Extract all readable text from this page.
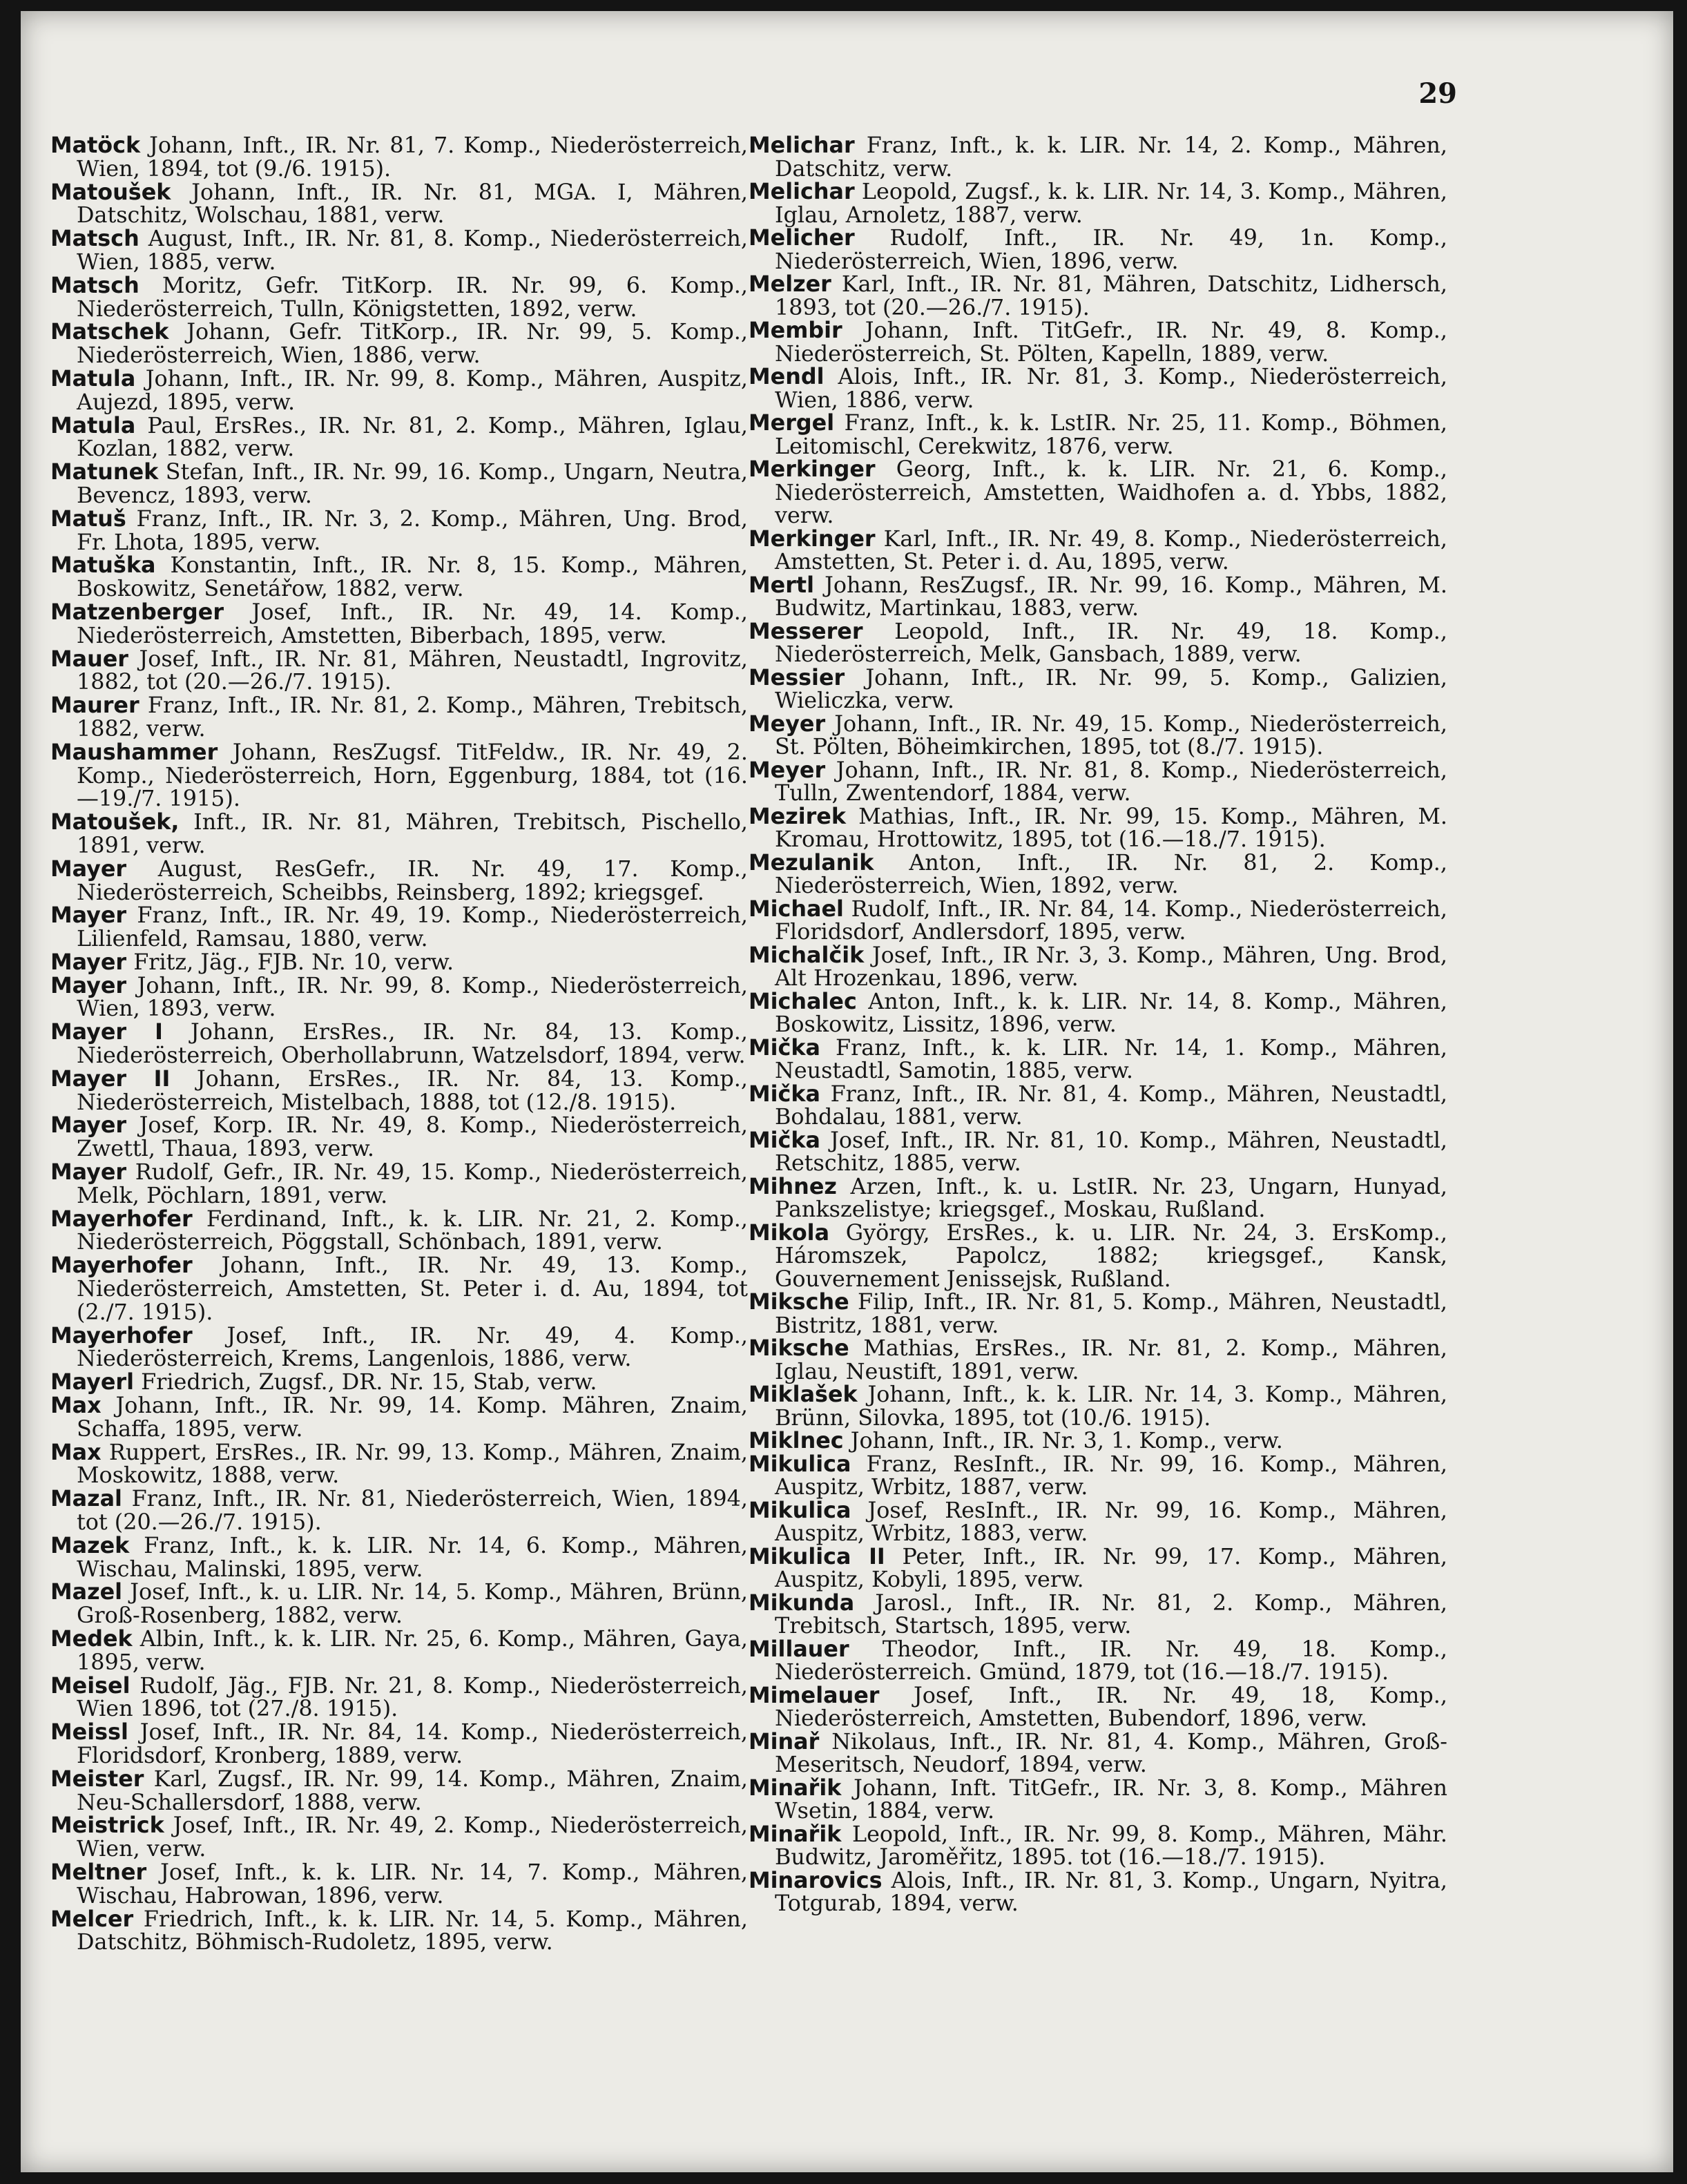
29
Matöck Johann, Inft., IR. Nr. 81, 7. Komp., Niederösterreich, Wien, 1894, tot (9./6. 1915).
Matoušek Johann, Inft., IR. Nr. 81, MGA. I, Mähren, Datschitz, Wolschau, 1881, verw.
Matsch August, Inft., IR. Nr. 81, 8. Komp., Niederösterreich, Wien, 1885, verw.
Matsch Moritz, Gefr. TitKorp. IR. Nr. 99, 6. Komp., Niederösterreich, Tulln, Königstetten, 1892, verw.
Matschek Johann, Gefr. TitKorp., IR. Nr. 99, 5. Komp., Niederösterreich, Wien, 1886, verw.
Matula Johann, Inft., IR. Nr. 99, 8. Komp., Mähren, Auspitz, Aujezd, 1895, verw.
Matula Paul, ErsRes., IR. Nr. 81, 2. Komp., Mähren, Iglau, Kozlan, 1882, verw.
Matunek Stefan, Inft., IR. Nr. 99, 16. Komp., Ungarn, Neutra, Bevencz, 1893, verw.
Matuš Franz, Inft., IR. Nr. 3, 2. Komp., Mähren, Ung. Brod, Fr. Lhota, 1895, verw.
Matuška Konstantin, Inft., IR. Nr. 8, 15. Komp., Mähren, Boskowitz, Senetářow, 1882, verw.
Matzenberger Josef, Inft., IR. Nr. 49, 14. Komp., Niederösterreich, Amstetten, Biberbach, 1895, verw.
Mauer Josef, Inft., IR. Nr. 81, Mähren, Neustadtl, Ingrovitz, 1882, tot (20.—26./7. 1915).
Maurer Franz, Inft., IR. Nr. 81, 2. Komp., Mähren, Trebitsch, 1882, verw.
Maushammer Johann, ResZugsf. TitFeldw., IR. Nr. 49, 2. Komp., Niederösterreich, Horn, Eggenburg, 1884, tot (16.—19./7. 1915).
Matoušek, Inft., IR. Nr. 81, Mähren, Trebitsch, Pischello, 1891, verw.
Mayer August, ResGefr., IR. Nr. 49, 17. Komp., Niederösterreich, Scheibbs, Reinsberg, 1892; kriegsgef.
Mayer Franz, Inft., IR. Nr. 49, 19. Komp., Niederösterreich, Lilienfeld, Ramsau, 1880, verw.
Mayer Fritz, Jäg., FJB. Nr. 10, verw.
Mayer Johann, Inft., IR. Nr. 99, 8. Komp., Niederösterreich, Wien, 1893, verw.
Mayer I Johann, ErsRes., IR. Nr. 84, 13. Komp., Niederösterreich, Oberhollabrunn, Watzelsdorf, 1894, verw.
Mayer II Johann, ErsRes., IR. Nr. 84, 13. Komp., Niederösterreich, Mistelbach, 1888, tot (12./8. 1915).
Mayer Josef, Korp. IR. Nr. 49, 8. Komp., Niederösterreich, Zwettl, Thaua, 1893, verw.
Mayer Rudolf, Gefr., IR. Nr. 49, 15. Komp., Niederösterreich, Melk, Pöchlarn, 1891, verw.
Mayerhofer Ferdinand, Inft., k. k. LIR. Nr. 21, 2. Komp., Niederösterreich, Pöggstall, Schönbach, 1891, verw.
Mayerhofer Johann, Inft., IR. Nr. 49, 13. Komp., Niederösterreich, Amstetten, St. Peter i. d. Au, 1894, tot (2./7. 1915).
Mayerhofer Josef, Inft., IR. Nr. 49, 4. Komp., Niederösterreich, Krems, Langenlois, 1886, verw.
Mayerl Friedrich, Zugsf., DR. Nr. 15, Stab, verw.
Max Johann, Inft., IR. Nr. 99, 14. Komp. Mähren, Znaim, Schaffa, 1895, verw.
Max Ruppert, ErsRes., IR. Nr. 99, 13. Komp., Mähren, Znaim, Moskowitz, 1888, verw.
Mazal Franz, Inft., IR. Nr. 81, Niederösterreich, Wien, 1894, tot (20.—26./7. 1915).
Mazek Franz, Inft., k. k. LIR. Nr. 14, 6. Komp., Mähren, Wischau, Malinski, 1895, verw.
Mazel Josef, Inft., k. u. LIR. Nr. 14, 5. Komp., Mähren, Brünn, Groß-Rosenberg, 1882, verw.
Medek Albin, Inft., k. k. LIR. Nr. 25, 6. Komp., Mähren, Gaya, 1895, verw.
Meisel Rudolf, Jäg., FJB. Nr. 21, 8. Komp., Niederösterreich, Wien 1896, tot (27./8. 1915).
Meissl Josef, Inft., IR. Nr. 84, 14. Komp., Niederösterreich, Floridsdorf, Kronberg, 1889, verw.
Meister Karl, Zugsf., IR. Nr. 99, 14. Komp., Mähren, Znaim, Neu-Schallersdorf, 1888, verw.
Meistrick Josef, Inft., IR. Nr. 49, 2. Komp., Niederösterreich, Wien, verw.
Meltner Josef, Inft., k. k. LIR. Nr. 14, 7. Komp., Mähren, Wischau, Habrowan, 1896, verw.
Melcer Friedrich, Inft., k. k. LIR. Nr. 14, 5. Komp., Mähren, Datschitz, Böhmisch-Rudoletz, 1895, verw.
Melichar Franz, Inft., k. k. LIR. Nr. 14, 2. Komp., Mähren, Datschitz, verw.
Melichar Leopold, Zugsf., k. k. LIR. Nr. 14, 3. Komp., Mähren, Iglau, Arnoletz, 1887, verw.
Melicher Rudolf, Inft., IR. Nr. 49, 1n. Komp., Niederösterreich, Wien, 1896, verw.
Melzer Karl, Inft., IR. Nr. 81, Mähren, Datschitz, Lidhersch, 1893, tot (20.—26./7. 1915).
Membir Johann, Inft. TitGefr., IR. Nr. 49, 8. Komp., Niederösterreich, St. Pölten, Kapelln, 1889, verw.
Mendl Alois, Inft., IR. Nr. 81, 3. Komp., Niederösterreich, Wien, 1886, verw.
Mergel Franz, Inft., k. k. LstIR. Nr. 25, 11. Komp., Böhmen, Leitomischl, Cerekwitz, 1876, verw.
Merkinger Georg, Inft., k. k. LIR. Nr. 21, 6. Komp., Niederösterreich, Amstetten, Waidhofen a. d. Ybbs, 1882, verw.
Merkinger Karl, Inft., IR. Nr. 49, 8. Komp., Niederösterreich, Amstetten, St. Peter i. d. Au, 1895, verw.
Mertl Johann, ResZugsf., IR. Nr. 99, 16. Komp., Mähren, M. Budwitz, Martinkau, 1883, verw.
Messerer Leopold, Inft., IR. Nr. 49, 18. Komp., Niederösterreich, Melk, Gansbach, 1889, verw.
Messier Johann, Inft., IR. Nr. 99, 5. Komp., Galizien, Wieliczka, verw.
Meyer Johann, Inft., IR. Nr. 49, 15. Komp., Niederösterreich, St. Pölten, Böheimkirchen, 1895, tot (8./7. 1915).
Meyer Johann, Inft., IR. Nr. 81, 8. Komp., Niederösterreich, Tulln, Zwentendorf, 1884, verw.
Mezirek Mathias, Inft., IR. Nr. 99, 15. Komp., Mähren, M. Kromau, Hrottowitz, 1895, tot (16.—18./7. 1915).
Mezulanik Anton, Inft., IR. Nr. 81, 2. Komp., Niederösterreich, Wien, 1892, verw.
Michael Rudolf, Inft., IR. Nr. 84, 14. Komp., Niederösterreich, Floridsdorf, Andlersdorf, 1895, verw.
Michalčik Josef, Inft., IR Nr. 3, 3. Komp., Mähren, Ung. Brod, Alt Hrozenkau, 1896, verw.
Michalec Anton, Inft., k. k. LIR. Nr. 14, 8. Komp., Mähren, Boskowitz, Lissitz, 1896, verw.
Mička Franz, Inft., k. k. LIR. Nr. 14, 1. Komp., Mähren, Neustadtl, Samotin, 1885, verw.
Mička Franz, Inft., IR. Nr. 81, 4. Komp., Mähren, Neustadtl, Bohdalau, 1881, verw.
Mička Josef, Inft., IR. Nr. 81, 10. Komp., Mähren, Neustadtl, Retschitz, 1885, verw.
Mihnez Arzen, Inft., k. u. LstIR. Nr. 23, Ungarn, Hunyad, Pankszelistye; kriegsgef., Moskau, Rußland.
Mikola György, ErsRes., k. u. LIR. Nr. 24, 3. ErsKomp., Háromszek, Papolcz, 1882; kriegsgef., Kansk, Gouvernement Jenissejsk, Rußland.
Miksche Filip, Inft., IR. Nr. 81, 5. Komp., Mähren, Neustadtl, Bistritz, 1881, verw.
Miksche Mathias, ErsRes., IR. Nr. 81, 2. Komp., Mähren, Iglau, Neustift, 1891, verw.
Miklašek Johann, Inft., k. k. LIR. Nr. 14, 3. Komp., Mähren, Brünn, Silovka, 1895, tot (10./6. 1915).
Miklnec Johann, Inft., IR. Nr. 3, 1. Komp., verw.
Mikulica Franz, ResInft., IR. Nr. 99, 16. Komp., Mähren, Auspitz, Wrbitz, 1887, verw.
Mikulica Josef, ResInft., IR. Nr. 99, 16. Komp., Mähren, Auspitz, Wrbitz, 1883, verw.
Mikulica II Peter, Inft., IR. Nr. 99, 17. Komp., Mähren, Auspitz, Kobyli, 1895, verw.
Mikunda Jarosl., Inft., IR. Nr. 81, 2. Komp., Mähren, Trebitsch, Startsch, 1895, verw.
Millauer Theodor, Inft., IR. Nr. 49, 18. Komp., Niederösterreich. Gmünd, 1879, tot (16.—18./7. 1915).
Mimelauer Josef, Inft., IR. Nr. 49, 18, Komp., Niederösterreich, Amstetten, Bubendorf, 1896, verw.
Minař Nikolaus, Inft., IR. Nr. 81, 4. Komp., Mähren, Groß-Meseritsch, Neudorf, 1894, verw.
Minařik Johann, Inft. TitGefr., IR. Nr. 3, 8. Komp., Mähren Wsetin, 1884, verw.
Minařik Leopold, Inft., IR. Nr. 99, 8. Komp., Mähren, Mähr. Budwitz, Jaroměřitz, 1895. tot (16.—18./7. 1915).
Minarovics Alois, Inft., IR. Nr. 81, 3. Komp., Ungarn, Nyitra, Totgurab, 1894, verw.
